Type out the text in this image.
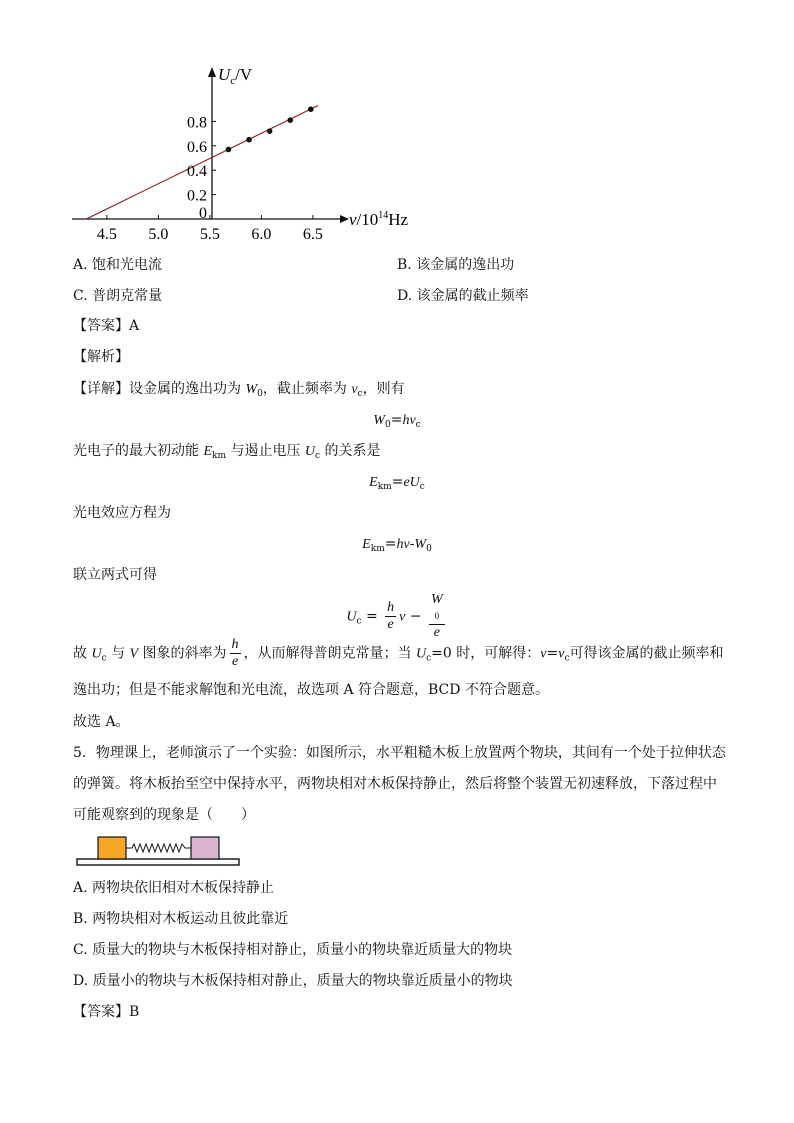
4.5 5.0 5.5 6.0 6.5
0.8
0.6
0.4
0.2
0
$U_c/V$
$\nu/10^{14}Hz$
A. 饱和光电流	B. 该金属的逸出功
C. 普朗克常量	D. 该金属的截止频率
【答案】A
【解析】
【详解】设金属的逸出功为 $W_0$，截止频率为 $\nu_c$，则有
$W_0=h\nu_c$
光电子的最大初动能 $E_{km}$ 与遏止电压 $U_c$ 的关系是
$E_{km}=eU_c$
光电效应方程为
$E_{km}=h\nu-W_0$
联立两式可得
$U_c = \frac{h}{e}$ ν − W
0
e
故 $U_c$ 与 V 图象的斜率为 $\frac{h}{e}$ ，从而解得普朗克常量；当 $U_c=0$ 时，可解得：$\nu=\nu_c$可得该金属的截止频率和
逸出功；但是不能求解饱和光电流，故选项 A 符合题意，BCD 不符合题意。
故选 A。
5．物理课上，老师演示了一个实验：如图所示，水平粗糙木板上放置两个物块，其间有一个处于拉伸状态
的弹簧。将木板抬至空中保持水平，两物块相对木板保持静止，然后将整个装置无初速释放，下落过程中
可能观察到的现象是（　　）
A. 两物块依旧相对木板保持静止
B. 两物块相对木板运动且彼此靠近
C. 质量大的物块与木板保持相对静止，质量小的物块靠近质量大的物块
D. 质量小的物块与木板保持相对静止，质量大的物块靠近质量小的物块
【答案】B
